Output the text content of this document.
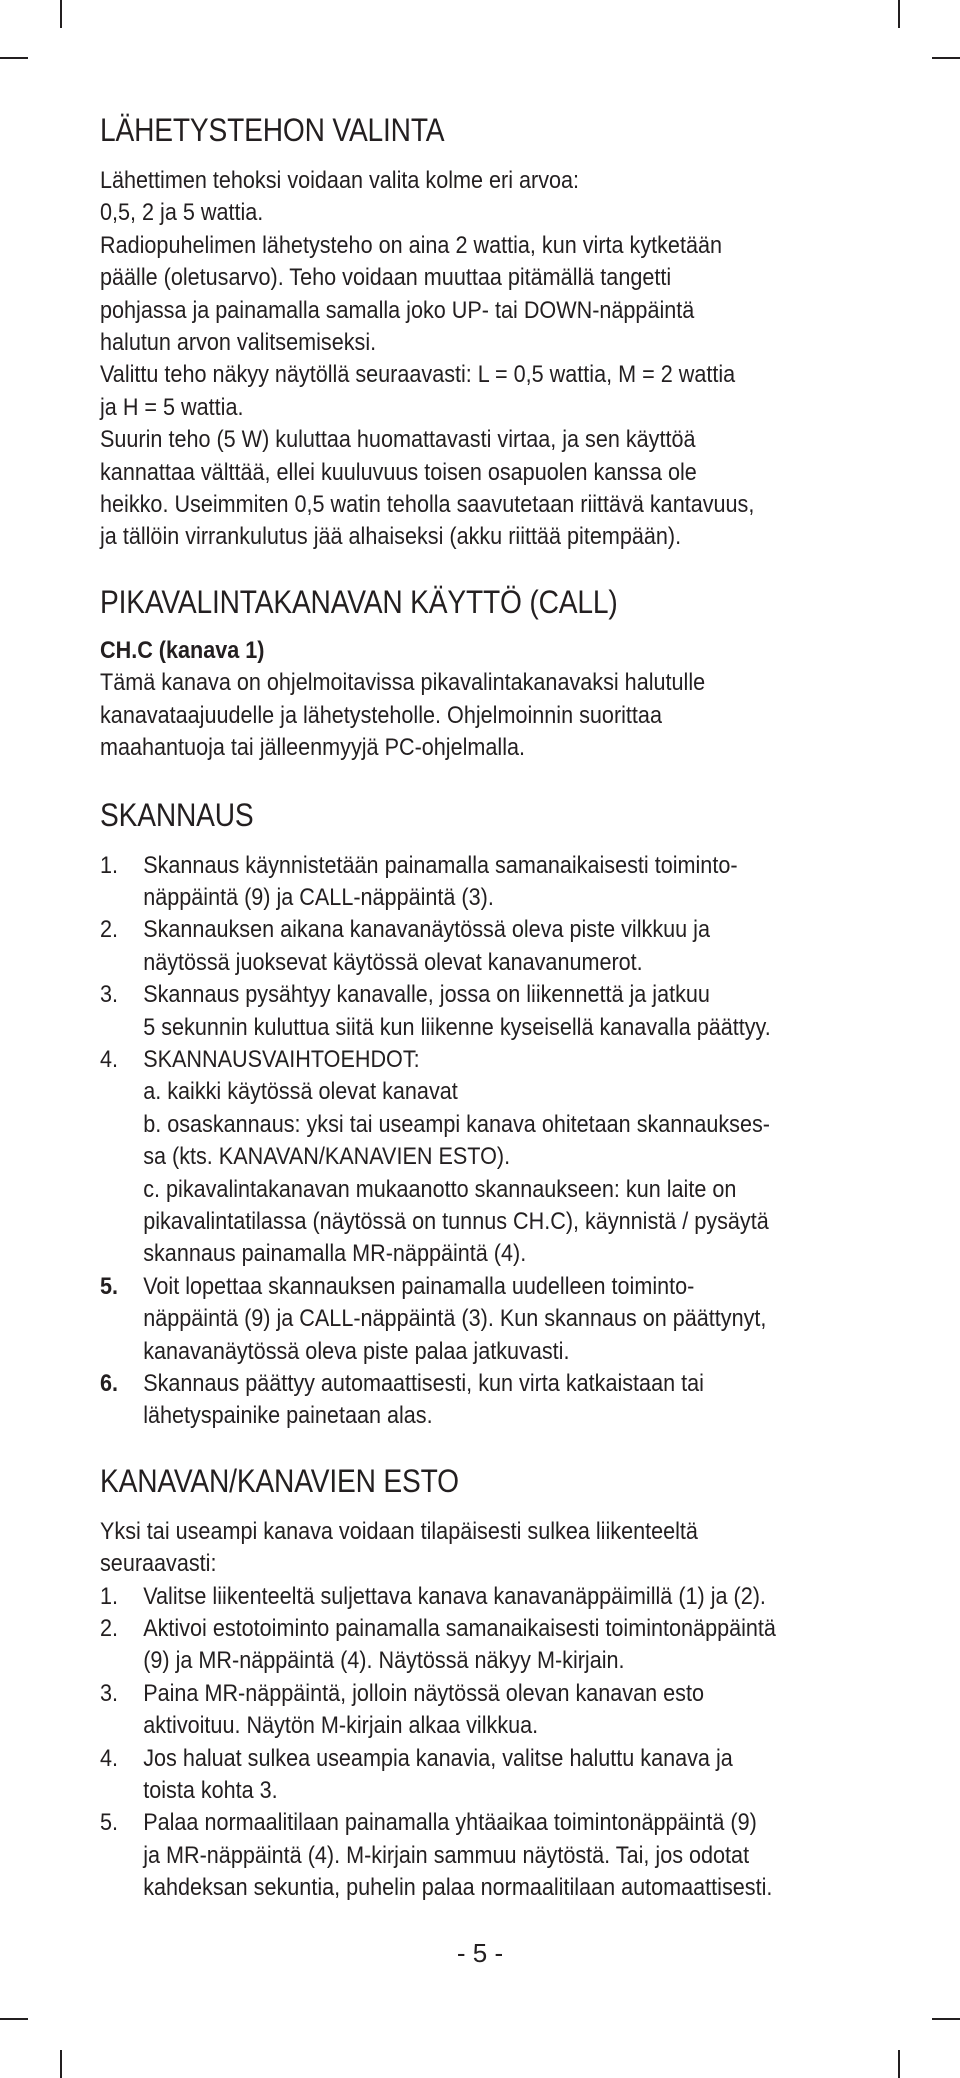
LÄHETYSTEHON VALINTA

Lähettimen tehoksi voidaan valita kolme eri arvoa:
0,5, 2 ja 5 wattia.
Radiopuhelimen lähetysteho on aina 2 wattia, kun virta kytketään
päälle (oletusarvo). Teho voidaan muuttaa pitämällä tangetti
pohjassa ja painamalla samalla joko UP- tai DOWN-näppäintä
halutun arvon valitsemiseksi.
Valittu teho näkyy näytöllä seuraavasti: L = 0,5 wattia, M = 2 wattia
ja H = 5 wattia.
Suurin teho (5 W) kuluttaa huomattavasti virtaa, ja sen käyttöä
kannattaa välttää, ellei kuuluvuus toisen osapuolen kanssa ole
heikko. Useimmiten 0,5 watin teholla saavutetaan riittävä kantavuus,
ja tällöin virrankulutus jää alhaiseksi (akku riittää pitempään).

PIKAVALINTAKANAVAN KÄYTTÖ (CALL)

CH.C (kanava 1)

Tämä kanava on ohjelmoitavissa pikavalintakanavaksi halutulle
kanavataajuudelle ja lähetysteholle. Ohjelmoinnin suorittaa
maahantuoja tai jälleenmyyjä PC-ohjelmalla.

SKANNAUS
1. Skannaus käynnistetään painamalla samanaikaisesti toiminto-
näppäintä (9) ja CALL-näppäintä (3).
2. Skannauksen aikana kanavanäytössä oleva piste vilkkuu ja
näytössä juoksevat käytössä olevat kanavanumerot.
3. Skannaus pysähtyy kanavalle, jossa on liikennettä ja jatkuu
5 sekunnin kuluttua siitä kun liikenne kyseisellä kanavalla päättyy.
4. SKANNAUSVAIHTOEHDOT:
a. kaikki käytössä olevat kanavat
b. osaskannaus: yksi tai useampi kanava ohitetaan skannaukses-
sa (kts. KANAVAN/KANAVIEN ESTO).
c. pikavalintakanavan mukaanotto skannaukseen: kun laite on
pikavalintatilassa (näytössä on tunnus CH.C), käynnistä / pysäytä
skannaus painamalla MR-näppäintä (4).
5. Voit lopettaa skannauksen painamalla uudelleen toiminto-
näppäintä (9) ja CALL-näppäintä (3). Kun skannaus on päättynyt,
kanavanäytössä oleva piste palaa jatkuvasti.
6. Skannaus päättyy automaattisesti, kun virta katkaistaan tai
lähetyspainike painetaan alas.
KANAVAN/KANAVIEN ESTO

Yksi tai useampi kanava voidaan tilapäisesti sulkea liikenteeltä
seuraavasti:

1. Valitse liikenteeltä suljettava kanava kanavanäppäimillä (1) ja (2).
2. Aktivoi estotoiminto painamalla samanaikaisesti toimintonäppäintä
(9) ja MR-näppäintä (4). Näytössä näkyy M-kirjain.
3. Paina MR-näppäintä, jolloin näytössä olevan kanavan esto
aktivoituu. Näytön M-kirjain alkaa vilkkua.
4. Jos haluat sulkea useampia kanavia, valitse haluttu kanava ja
toista kohta 3.
5. Palaa normaalitilaan painamalla yhtäaikaa toimintonäppäintä (9)
ja MR-näppäintä (4). M-kirjain sammuu näytöstä. Tai, jos odotat
kahdeksan sekuntia, puhelin palaa normaalitilaan automaattisesti.
- 5 -
